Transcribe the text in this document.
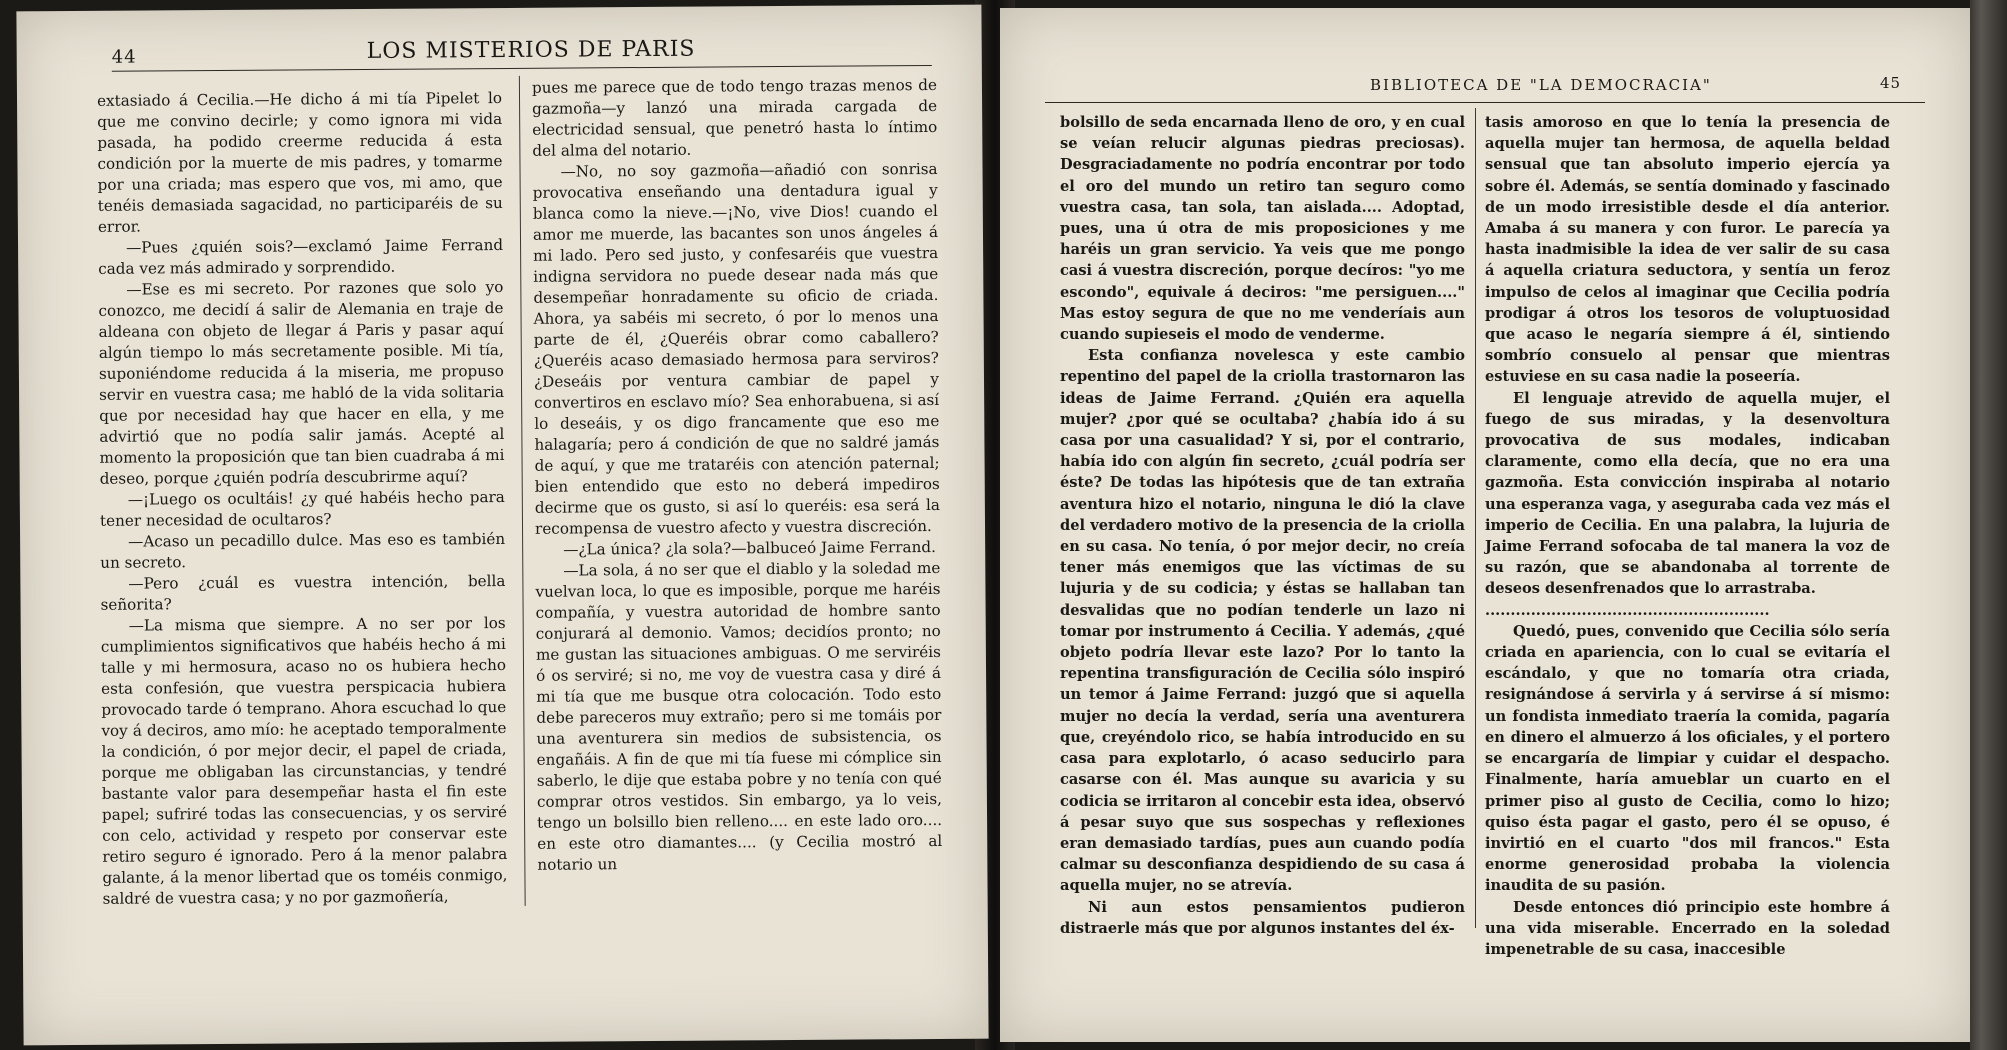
44	LOS MISTERIOS DE PARIS

extasiado á Cecilia.—He dicho á mi tía Pipelet lo que me convino decirle; y como ignora mi vida pasada, ha podido creerme reducida á esta condición por la muerte de mis padres, y tomarme por una criada; mas espero que vos, mi amo, que tenéis demasiada sagacidad, no participaréis de su error.

—Pues ¿quién sois?—exclamó Jaime Ferrand cada vez más admirado y sorprendido.

—Ese es mi secreto. Por razones que solo yo conozco, me decidí á salir de Alemania en traje de aldeana con objeto de llegar á Paris y pasar aquí algún tiempo lo más secretamente posible. Mi tía, suponiéndome reducida á la miseria, me propuso servir en vuestra casa; me habló de la vida solitaria que por necesidad hay que hacer en ella, y me advirtió que no podía salir jamás. Acepté al momento la proposición que tan bien cuadraba á mi deseo, porque ¿quién podría descubrirme aquí?

—¡Luego os ocultáis! ¿y qué habéis hecho para tener necesidad de ocultaros?

—Acaso un pecadillo dulce. Mas eso es también un secreto.

—Pero ¿cuál es vuestra intención, bella señorita?

—La misma que siempre. A no ser por los cumplimientos significativos que habéis hecho á mi talle y mi hermosura, acaso no os hubiera hecho esta confesión, que vuestra perspicacia hubiera provocado tarde ó temprano. Ahora escuchad lo que voy á deciros, amo mío: he aceptado temporalmente la condición, ó por mejor decir, el papel de criada, porque me obligaban las circunstancias, y tendré bastante valor para desempeñar hasta el fin este papel; sufriré todas las consecuencias, y os serviré con celo, actividad y respeto por conservar este retiro seguro é ignorado. Pero á la menor palabra galante, á la menor libertad que os toméis conmigo, saldré de vuestra casa; y no por gazmoñería,

pues me parece que de todo tengo trazas menos de gazmoña—y lanzó una mirada cargada de electricidad sensual, que penetró hasta lo íntimo del alma del notario.

—No, no soy gazmoña—añadió con sonrisa provocativa enseñando una dentadura igual y blanca como la nieve.—¡No, vive Dios! cuando el amor me muerde, las bacantes son unos ángeles á mi lado. Pero sed justo, y confesaréis que vuestra indigna servidora no puede desear nada más que desempeñar honradamente su oficio de criada. Ahora, ya sabéis mi secreto, ó por lo menos una parte de él, ¿Queréis obrar como caballero? ¿Queréis acaso demasiado hermosa para serviros? ¿Deseáis por ventura cambiar de papel y convertiros en esclavo mío? Sea enhorabuena, si así lo deseáis, y os digo francamente que eso me halagaría; pero á condición de que no saldré jamás de aquí, y que me trataréis con atención paternal; bien entendido que esto no deberá impediros decirme que os gusto, si así lo queréis: esa será la recompensa de vuestro afecto y vuestra discreción.

—¿La única? ¿la sola?—balbuceó Jaime Ferrand.

—La sola, á no ser que el diablo y la soledad me vuelvan loca, lo que es imposible, porque me haréis compañía, y vuestra autoridad de hombre santo conjurará al demonio. Vamos; decidíos pronto; no me gustan las situaciones ambiguas. O me serviréis ó os serviré; si no, me voy de vuestra casa y diré á mi tía que me busque otra colocación. Todo esto debe pareceros muy extraño; pero si me tomáis por una aventurera sin medios de subsistencia, os engañáis. A fin de que mi tía fuese mi cómplice sin saberlo, le dije que estaba pobre y no tenía con qué comprar otros vestidos. Sin embargo, ya lo veis, tengo un bolsillo bien relleno.... en este lado oro.... en este otro diamantes.... (y Cecilia mostró al notario un

BIBLIOTECA DE "LA DEMOCRACIA"	45

bolsillo de seda encarnada lleno de oro, y en cual se veían relucir algunas piedras preciosas). Desgraciadamente no podría encontrar por todo el oro del mundo un retiro tan seguro como vuestra casa, tan sola, tan aislada.... Adoptad, pues, una ú otra de mis proposiciones y me haréis un gran servicio. Ya veis que me pongo casi á vuestra discreción, porque decíros: "yo me escondo", equivale á deciros: "me persiguen...." Mas estoy segura de que no me venderíais aun cuando supieseis el modo de venderme.

Esta confianza novelesca y este cambio repentino del papel de la criolla trastornaron las ideas de Jaime Ferrand. ¿Quién era aquella mujer? ¿por qué se ocultaba? ¿había ido á su casa por una casualidad? Y si, por el contrario, había ido con algún fin secreto, ¿cuál podría ser éste? De todas las hipótesis que de tan extraña aventura hizo el notario, ninguna le dió la clave del verdadero motivo de la presencia de la criolla en su casa. No tenía, ó por mejor decir, no creía tener más enemigos que las víctimas de su lujuria y de su codicia; y éstas se hallaban tan desvalidas que no podían tenderle un lazo ni tomar por instrumento á Cecilia. Y además, ¿qué objeto podría llevar este lazo? Por lo tanto la repentina transfiguración de Cecilia sólo inspiró un temor á Jaime Ferrand: juzgó que si aquella mujer no decía la verdad, sería una aventurera que, creyéndolo rico, se había introducido en su casa para explotarlo, ó acaso seducirlo para casarse con él. Mas aunque su avaricia y su codicia se irritaron al concebir esta idea, observó á pesar suyo que sus sospechas y reflexiones eran demasiado tardías, pues aun cuando podía calmar su desconfianza despidiendo de su casa á aquella mujer, no se atrevía.

Ni aun estos pensamientos pudieron distraerle más que por algunos instantes del éx-

tasis amoroso en que lo tenía la presencia de aquella mujer tan hermosa, de aquella beldad sensual que tan absoluto imperio ejercía ya sobre él. Además, se sentía dominado y fascinado de un modo irresistible desde el día anterior. Amaba á su manera y con furor. Le parecía ya hasta inadmisible la idea de ver salir de su casa á aquella criatura seductora, y sentía un feroz impulso de celos al imaginar que Cecilia podría prodigar á otros los tesoros de voluptuosidad que acaso le negaría siempre á él, sintiendo sombrío consuelo al pensar que mientras estuviese en su casa nadie la poseería.

El lenguaje atrevido de aquella mujer, el fuego de sus miradas, y la desenvoltura provocativa de sus modales, indicaban claramente, como ella decía, que no era una gazmoña. Esta convicción inspiraba al notario una esperanza vaga, y aseguraba cada vez más el imperio de Cecilia. En una palabra, la lujuria de Jaime Ferrand sofocaba de tal manera la voz de su razón, que se abandonaba al torrente de deseos desenfrenados que lo arrastraba.

........................................................

Quedó, pues, convenido que Cecilia sólo sería criada en apariencia, con lo cual se evitaría el escándalo, y que no tomaría otra criada, resignándose á servirla y á servirse á sí mismo: un fondista inmediato traería la comida, pagaría en dinero el almuerzo á los oficiales, y el portero se encargaría de limpiar y cuidar el despacho. Finalmente, haría amueblar un cuarto en el primer piso al gusto de Cecilia, como lo hizo; quiso ésta pagar el gasto, pero él se opuso, é invirtió en el cuarto "dos mil francos." Esta enorme generosidad probaba la violencia inaudita de su pasión.

Desde entonces dió principio este hombre á una vida miserable. Encerrado en la soledad impenetrable de su casa, inaccesible
